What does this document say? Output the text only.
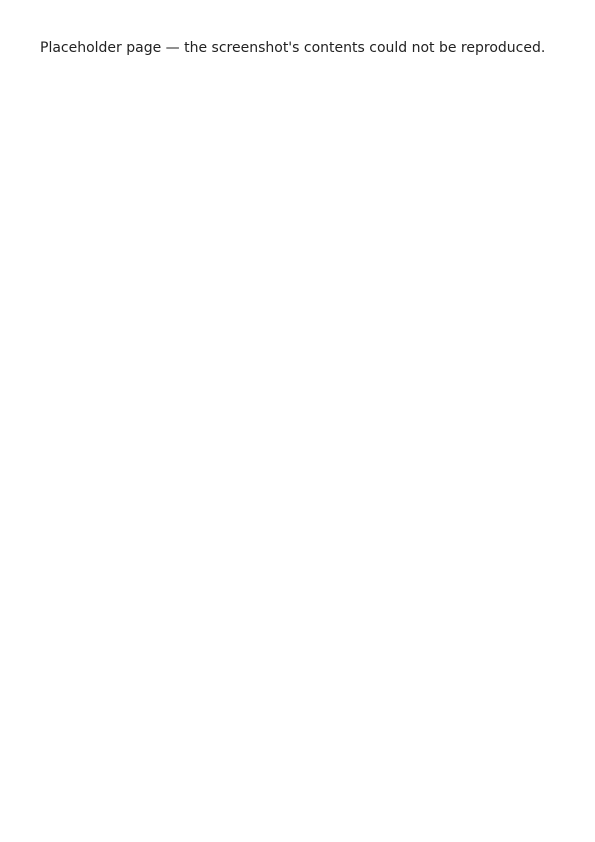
Placeholder page — the screenshot's contents could not be reproduced.
